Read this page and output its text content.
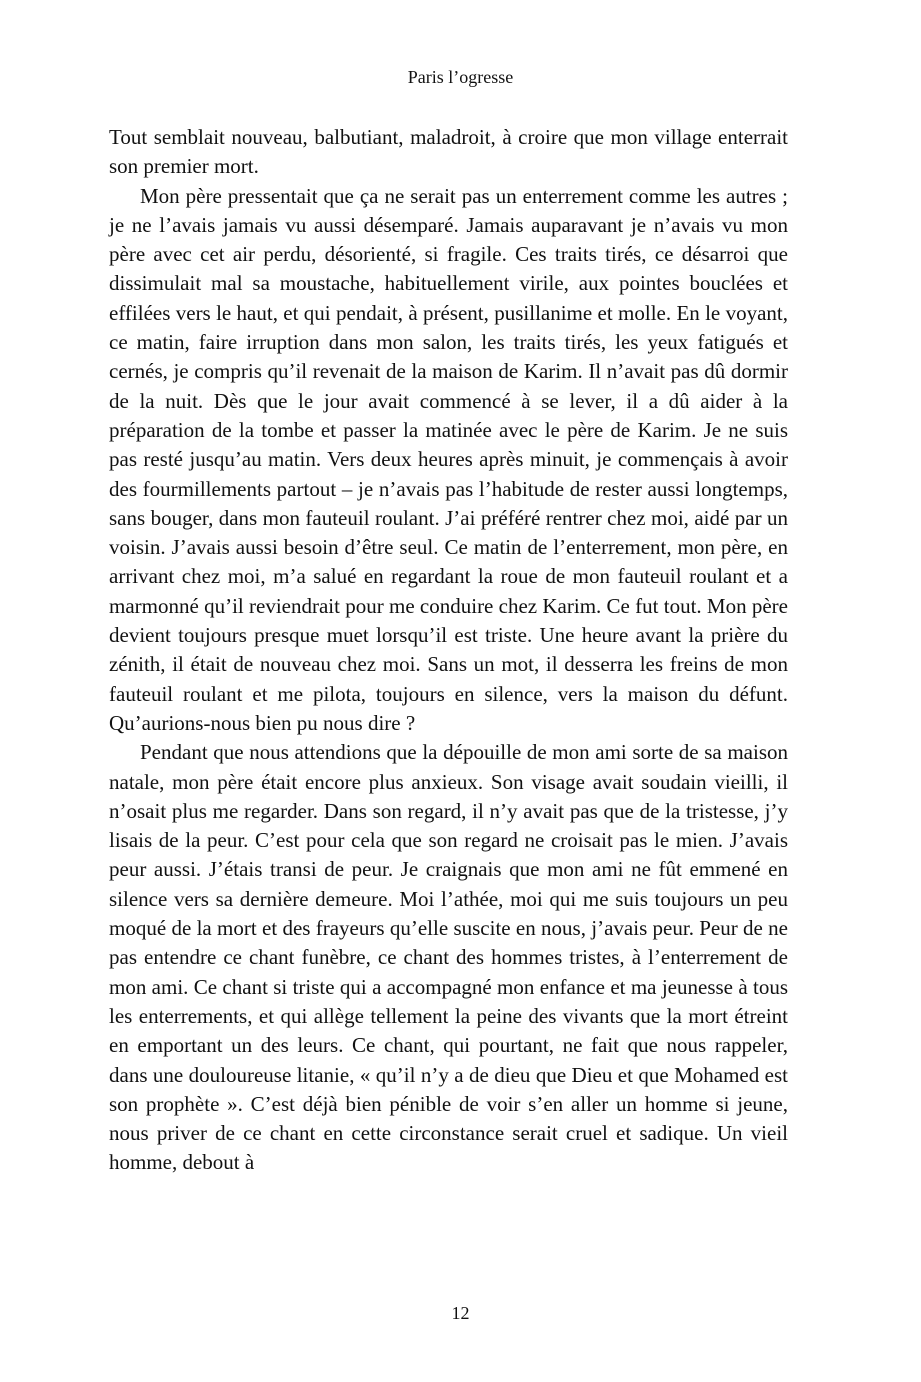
Paris l’ogresse

Tout semblait nouveau, balbutiant, maladroit, à croire que mon village enterrait son premier mort.

Mon père pressentait que ça ne serait pas un enterrement comme les autres ; je ne l’avais jamais vu aussi désemparé. Jamais auparavant je n’avais vu mon père avec cet air perdu, désorienté, si fragile. Ces traits tirés, ce désarroi que dissimulait mal sa moustache, habituellement virile, aux pointes bouclées et effilées vers le haut, et qui pendait, à présent, pusillanime et molle. En le voyant, ce matin, faire irruption dans mon salon, les traits tirés, les yeux fatigués et cernés, je compris qu’il revenait de la maison de Karim. Il n’avait pas dû dormir de la nuit. Dès que le jour avait commencé à se lever, il a dû aider à la préparation de la tombe et passer la matinée avec le père de Karim. Je ne suis pas resté jusqu’au matin. Vers deux heures après minuit, je commençais à avoir des fourmillements partout – je n’avais pas l’habitude de rester aussi longtemps, sans bouger, dans mon fauteuil roulant. J’ai préféré rentrer chez moi, aidé par un voisin. J’avais aussi besoin d’être seul. Ce matin de l’enterrement, mon père, en arrivant chez moi, m’a salué en regardant la roue de mon fauteuil roulant et a marmonné qu’il reviendrait pour me conduire chez Karim. Ce fut tout. Mon père devient toujours presque muet lorsqu’il est triste. Une heure avant la prière du zénith, il était de nouveau chez moi. Sans un mot, il desserra les freins de mon fauteuil roulant et me pilota, toujours en silence, vers la maison du défunt. Qu’aurions-nous bien pu nous dire ?

Pendant que nous attendions que la dépouille de mon ami sorte de sa maison natale, mon père était encore plus anxieux. Son visage avait soudain vieilli, il n’osait plus me regarder. Dans son regard, il n’y avait pas que de la tristesse, j’y lisais de la peur. C’est pour cela que son regard ne croisait pas le mien. J’avais peur aussi. J’étais transi de peur. Je craignais que mon ami ne fût emmené en silence vers sa dernière demeure. Moi l’athée, moi qui me suis toujours un peu moqué de la mort et des frayeurs qu’elle suscite en nous, j’avais peur. Peur de ne pas entendre ce chant funèbre, ce chant des hommes tristes, à l’enterrement de mon ami. Ce chant si triste qui a accompagné mon enfance et ma jeunesse à tous les enterrements, et qui allège tellement la peine des vivants que la mort étreint en emportant un des leurs. Ce chant, qui pourtant, ne fait que nous rappeler, dans une douloureuse litanie, « qu’il n’y a de dieu que Dieu et que Mohamed est son prophète ». C’est déjà bien pénible de voir s’en aller un homme si jeune, nous priver de ce chant en cette circonstance serait cruel et sadique. Un vieil homme, debout à

12
